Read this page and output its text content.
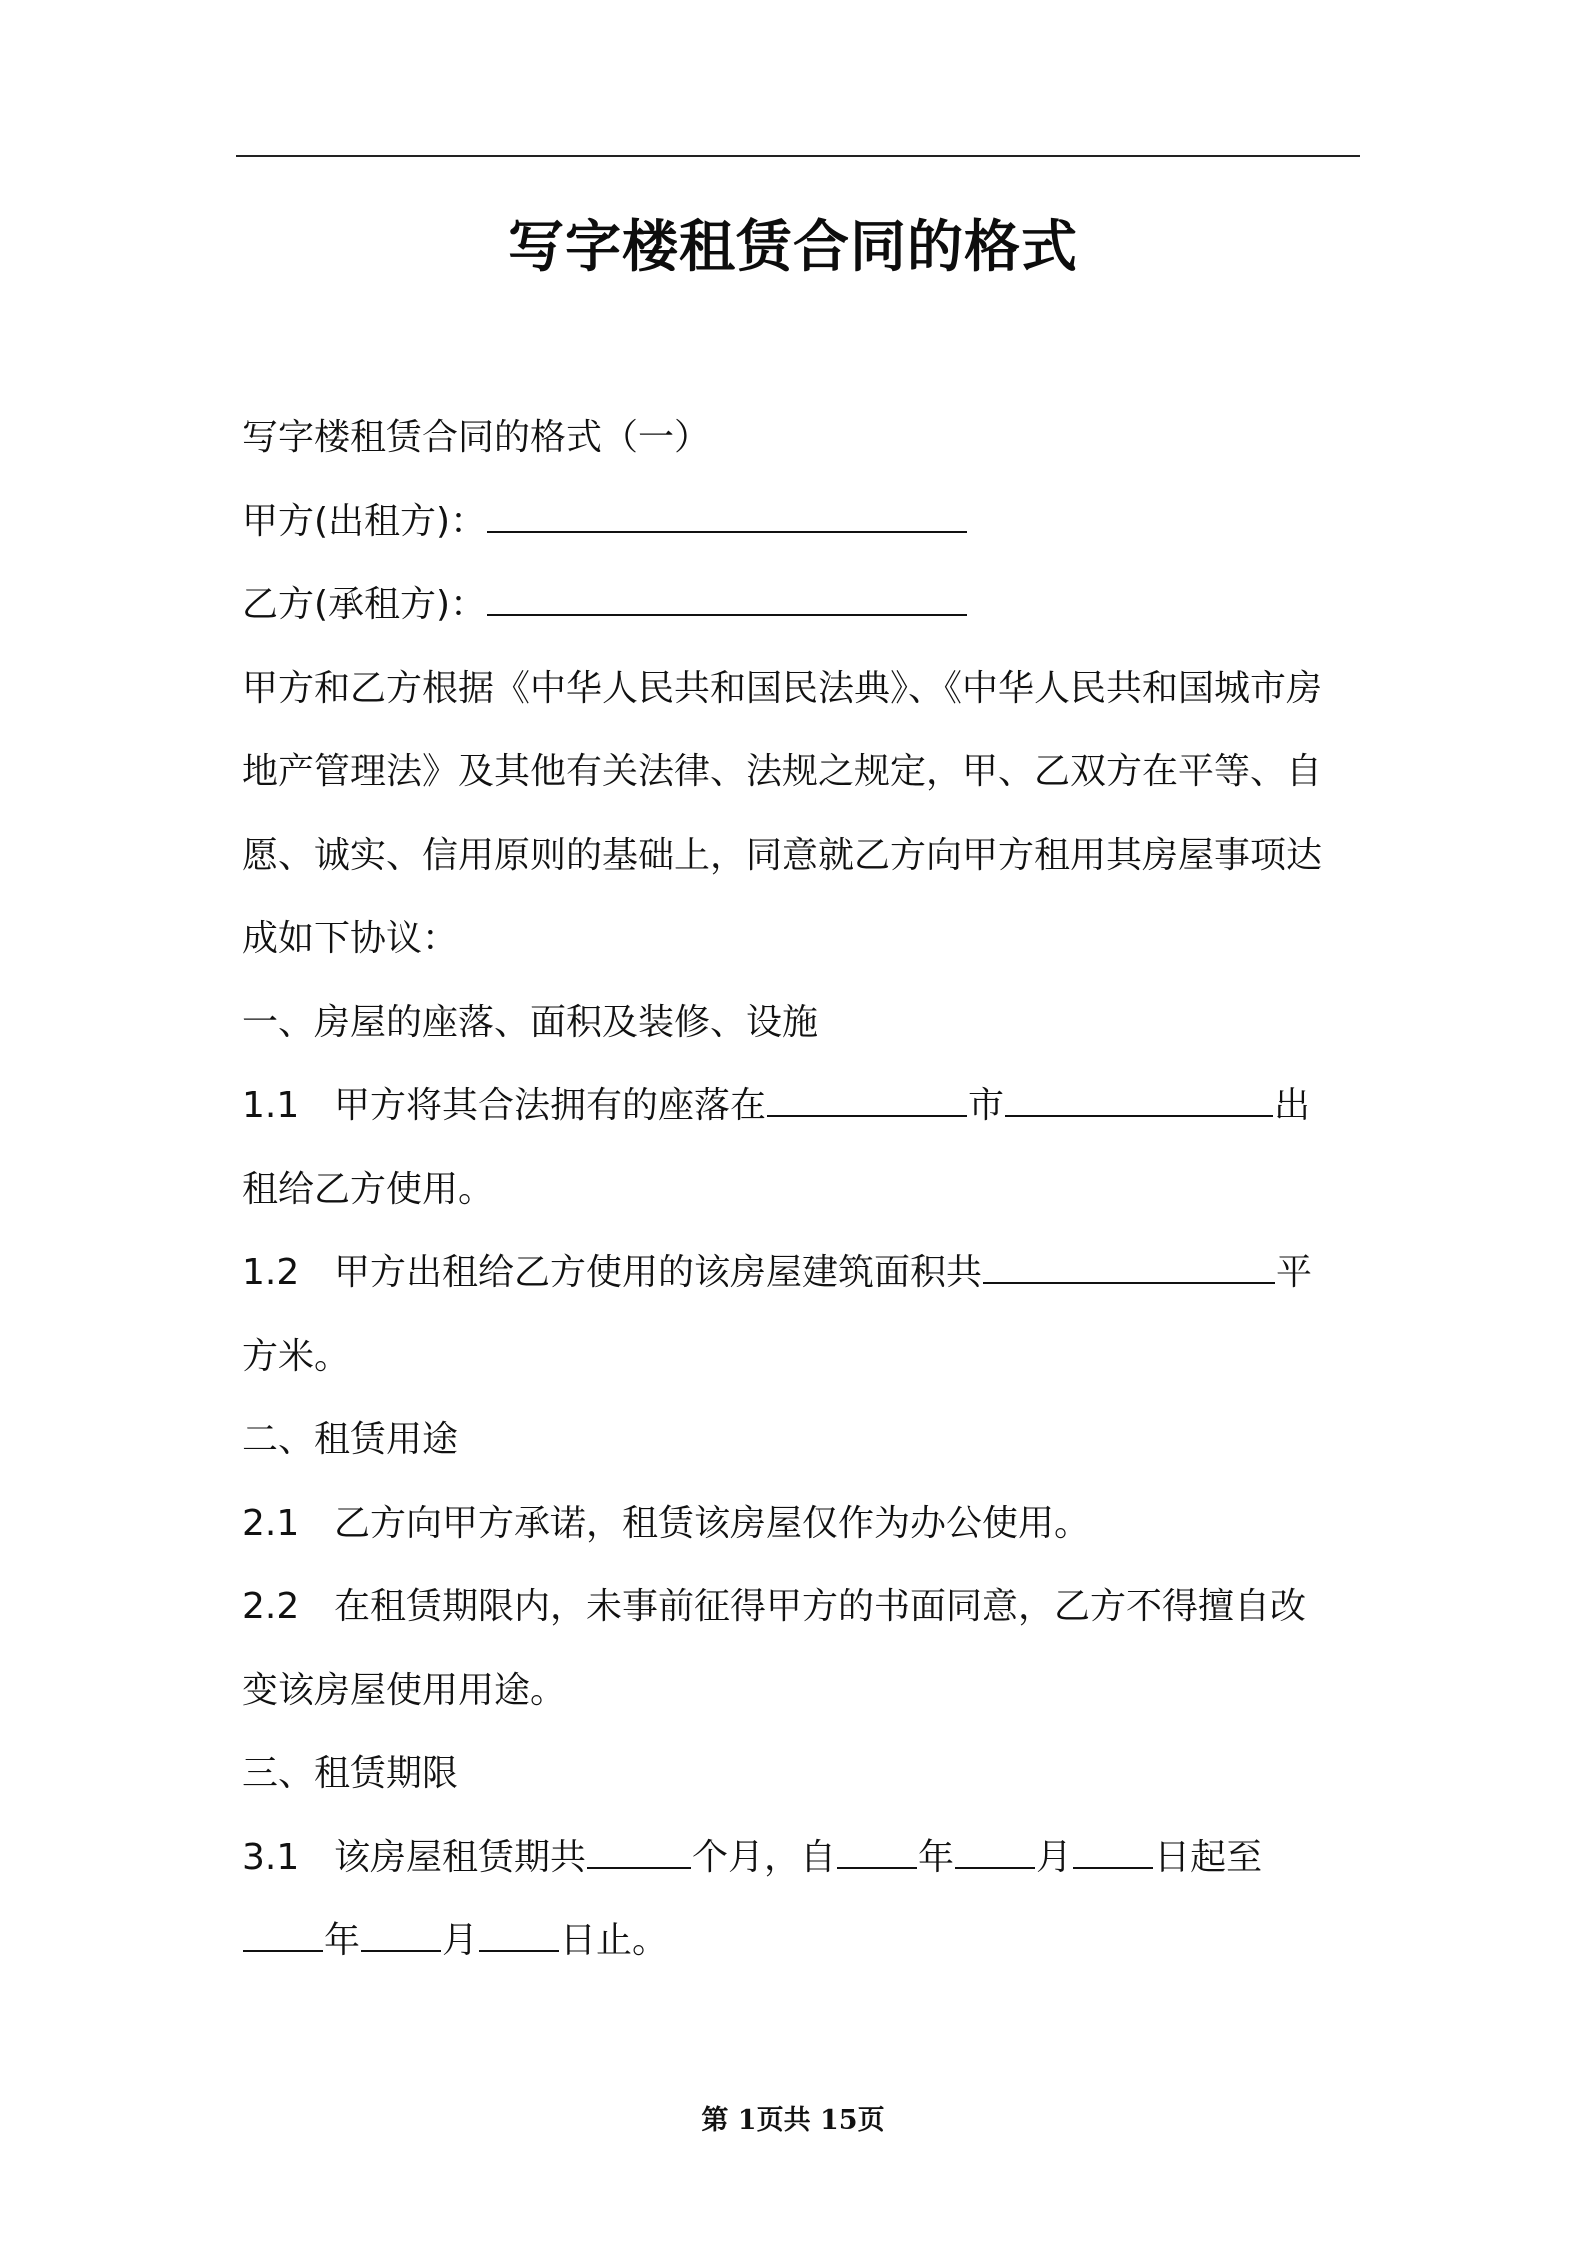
写字楼租赁合同的格式
写字楼租赁合同的格式（一）
甲方(出租方)：
乙方(承租方)：
甲方和乙方根据《中华人民共和国民法典》、《中华人民共和国城市房
地产管理法》及其他有关法律、法规之规定，甲、乙双方在平等、自
愿、诚实、信用原则的基础上，同意就乙方向甲方租用其房屋事项达
成如下协议：
一、房屋的座落、面积及装修、设施
1.1 甲方将其合法拥有的座落在	市	出
租给乙方使用。
1.2 甲方出租给乙方使用的该房屋建筑面积共	平
方米。
二、租赁用途
2.1 乙方向甲方承诺，租赁该房屋仅作为办公使用。
2.2 在租赁期限内，未事前征得甲方的书面同意，乙方不得擅自改
变该房屋使用用途。
三、租赁期限
3.1 该房屋租赁期共	个月，自 年 月 日起至
年 月 日止。
第 1页共 15页
